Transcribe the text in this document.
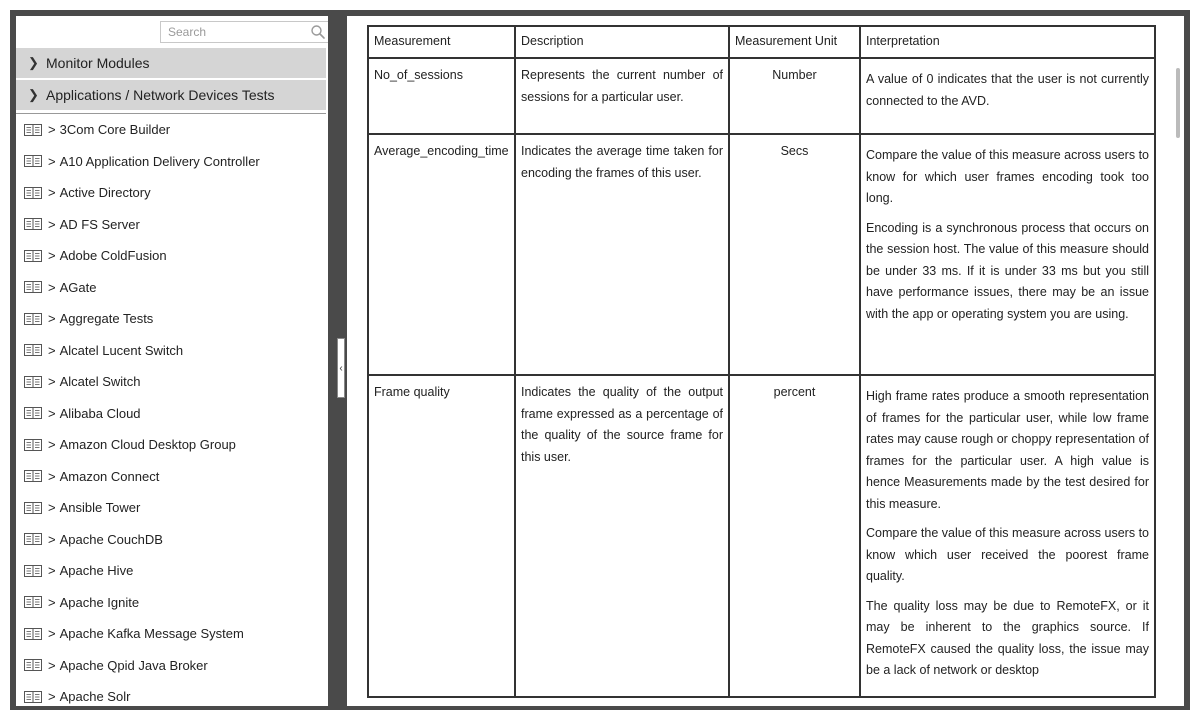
Search
❯ Monitor Modules
❯ Applications / Network Devices Tests
> 3Com Core Builder
> A10 Application Delivery Controller
> Active Directory
> AD FS Server
> Adobe ColdFusion
> AGate
> Aggregate Tests
> Alcatel Lucent Switch
> Alcatel Switch
> Alibaba Cloud
> Amazon Cloud Desktop Group
> Amazon Connect
> Ansible Tower
> Apache CouchDB
> Apache Hive
> Apache Ignite
> Apache Kafka Message System
> Apache Qpid Java Broker
> Apache Solr
‹
Measurement	Description	Measurement Unit	Interpretation
No_of_sessions	Represents the current number of sessions for a particular user.	Number	A value of 0 indicates that the user is not currently connected to the AVD.

Average_encoding_time	Indicates the average time taken for encoding the frames of this user.	Secs	Compare the value of this measure across users to know for which user frames encoding took too long.

Encoding is a synchronous process that occurs on the session host. The value of this measure should be under 33 ms. If it is under 33 ms but you still have performance issues, there may be an issue with the app or operating system you are using.

Frame quality	Indicates the quality of the output frame expressed as a percentage of the quality of the source frame for this user.	percent	High frame rates produce a smooth representation of frames for the particular user, while low frame rates may cause rough or choppy representation of frames for the particular user. A high value is hence Measurements made by the test desired for this measure.

Compare the value of this measure across users to know which user received the poorest frame quality.

The quality loss may be due to RemoteFX, or it may be inherent to the graphics source. If RemoteFX caused the quality loss, the issue may be a lack of network or desktop
